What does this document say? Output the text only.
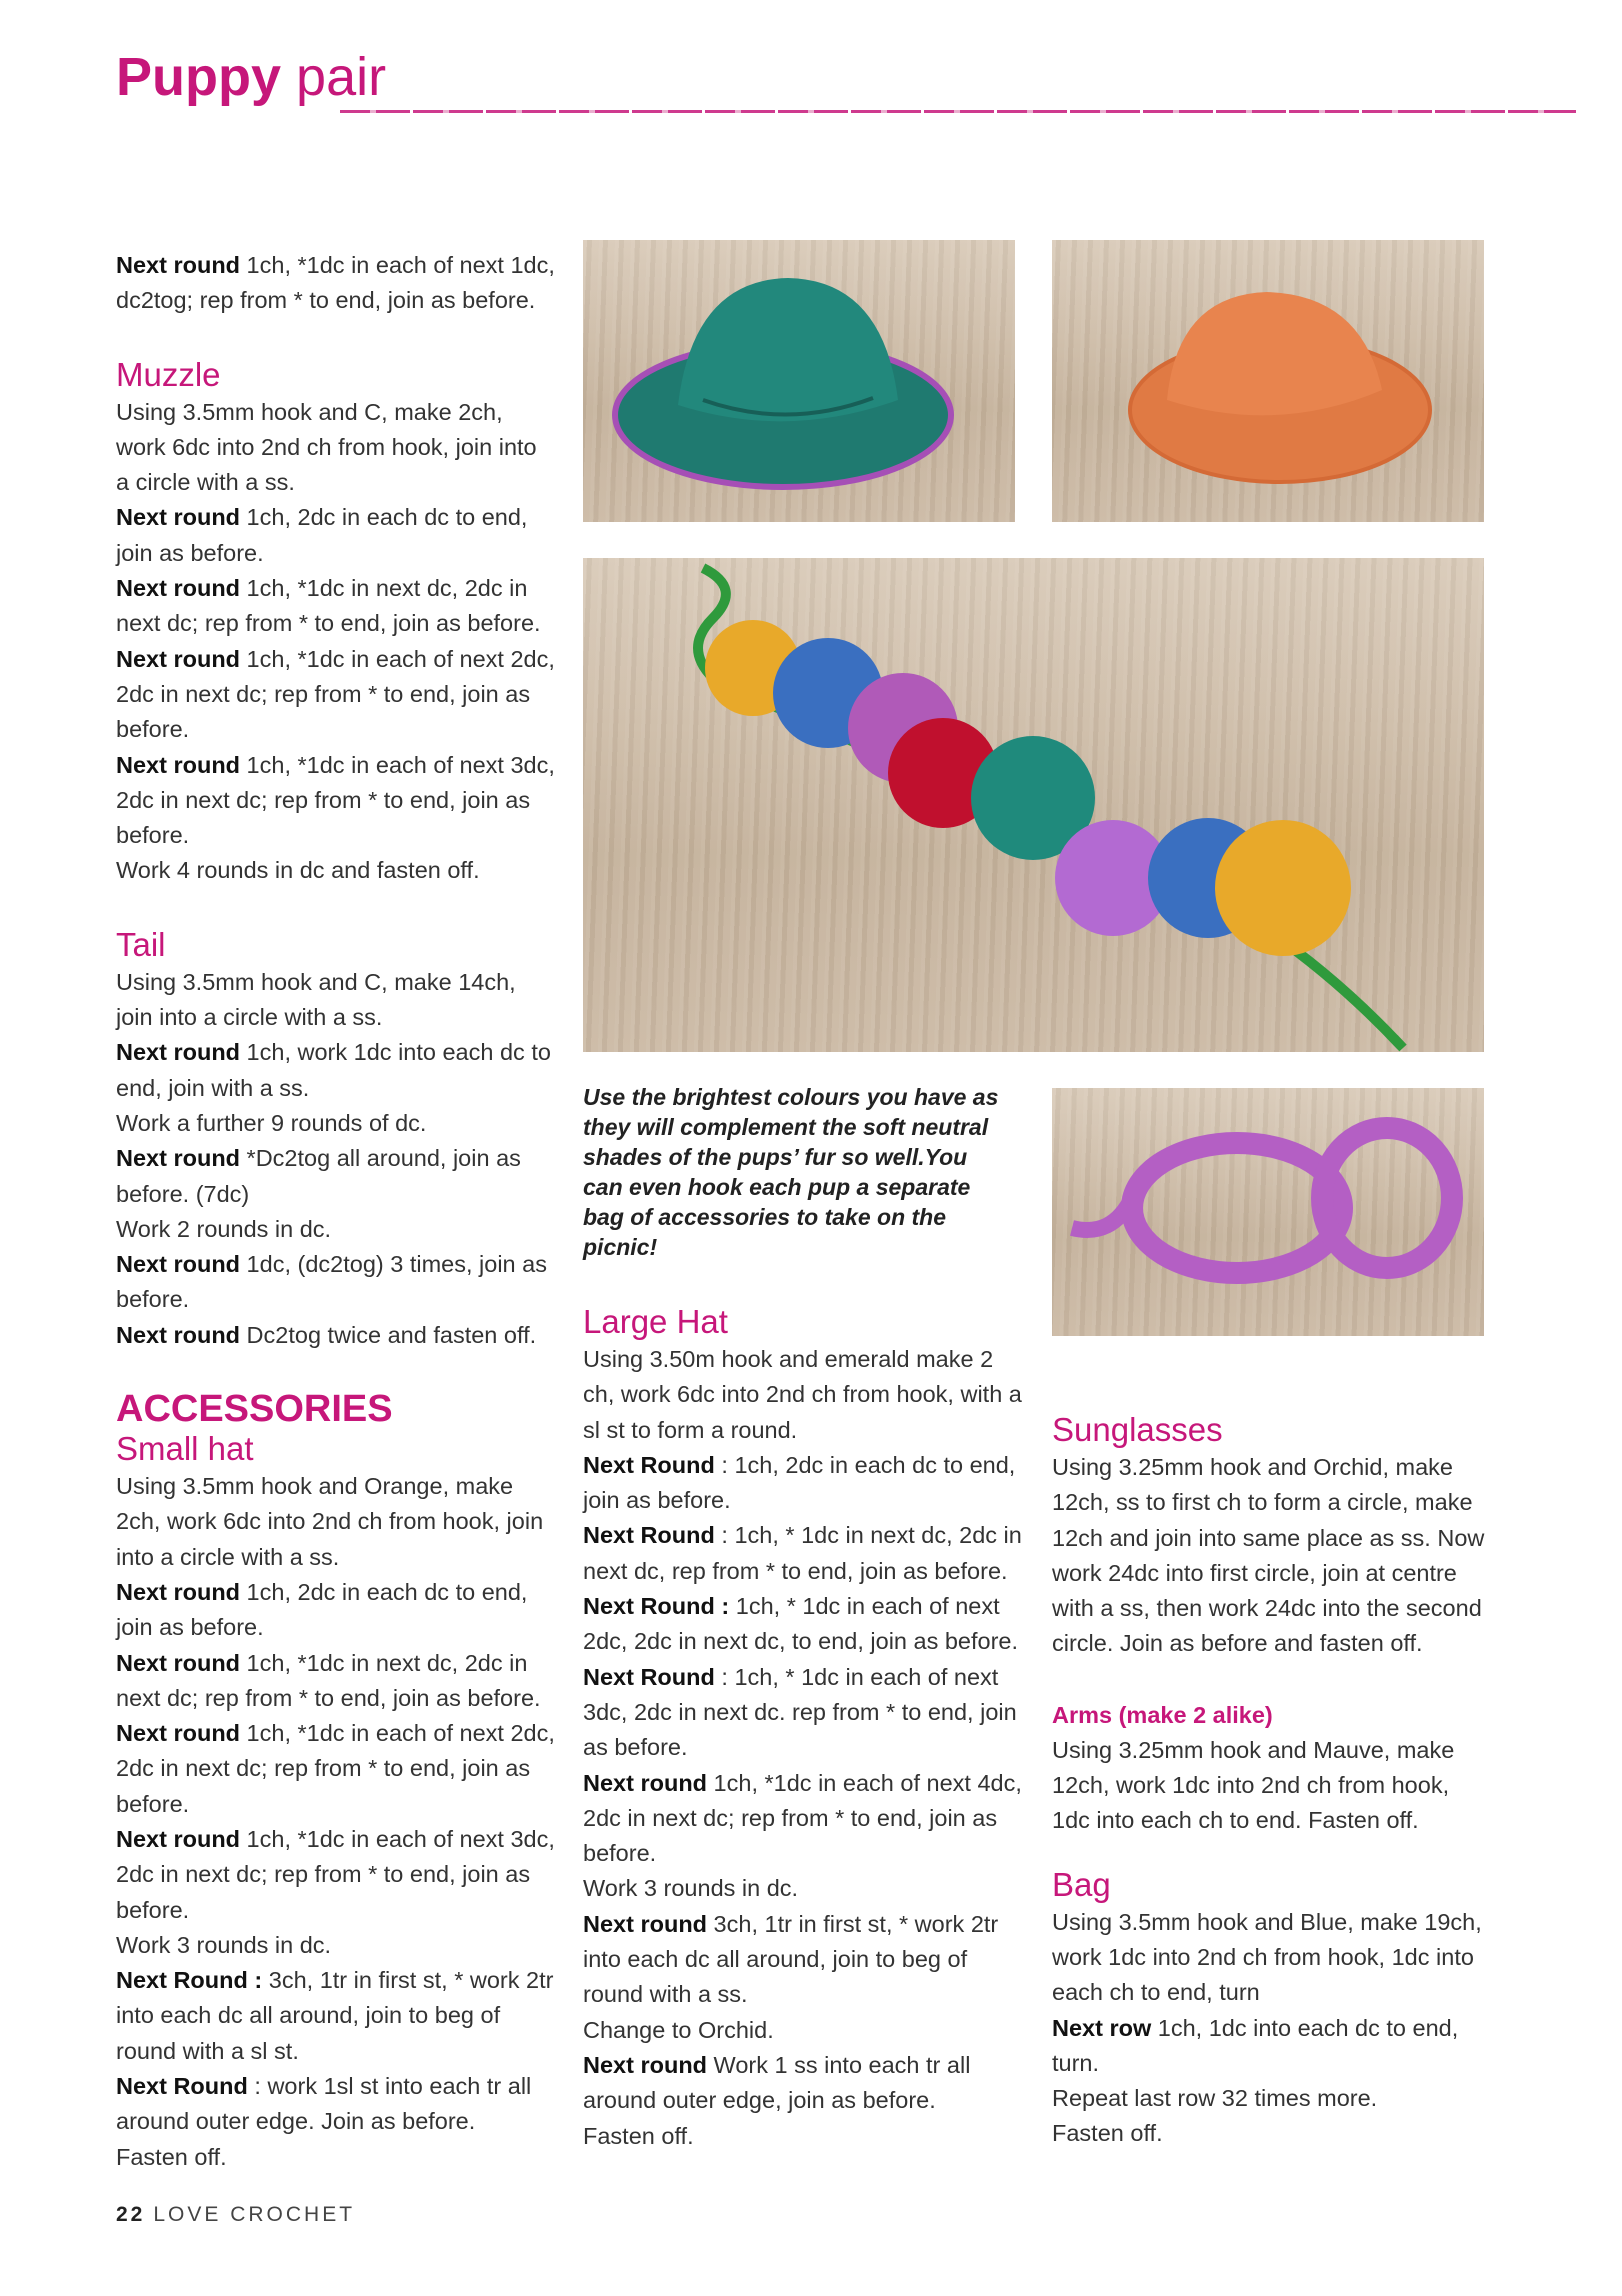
Puppy pair

Next round 1ch, *1dc in each of next 1dc, dc2tog; rep from * to end, join as before.

Muzzle

Using 3.5mm hook and C, make 2ch, work 6dc into 2nd ch from hook, join into a circle with a ss.

Next round 1ch, 2dc in each dc to end, join as before.

Next round 1ch, *1dc in next dc, 2dc in next dc; rep from * to end, join as before.

Next round 1ch, *1dc in each of next 2dc, 2dc in next dc; rep from * to end, join as before.

Next round 1ch, *1dc in each of next 3dc, 2dc in next dc; rep from * to end, join as before.

Work 4 rounds in dc and fasten off.

Tail

Using 3.5mm hook and C, make 14ch, join into a circle with a ss.

Next round 1ch, work 1dc into each dc to end, join with a ss.

Work a further 9 rounds of dc.

Next round *Dc2tog all around, join as before. (7dc)

Work 2 rounds in dc.

Next round 1dc, (dc2tog) 3 times, join as before.

Next round Dc2tog twice and fasten off.

ACCESSORIES

Small hat

Using 3.5mm hook and Orange, make 2ch, work 6dc into 2nd ch from hook, join into a circle with a ss.

Next round 1ch, 2dc in each dc to end, join as before.

Next round 1ch, *1dc in next dc, 2dc in next dc; rep from * to end, join as before.

Next round 1ch, *1dc in each of next 2dc, 2dc in next dc; rep from * to end, join as before.

Next round 1ch, *1dc in each of next 3dc, 2dc in next dc; rep from * to end, join as before.

Work 3 rounds in dc.

Next Round : 3ch, 1tr in first st, * work 2tr into each dc all around, join to beg of round with a sl st.

Next Round : work 1sl st into each tr all around outer edge. Join as before.

Fasten off.

Use the brightest colours you have as they will complement the soft neutral shades of the pups’ fur so well.You can even hook each pup a separate bag of accessories to take on the picnic!

Large Hat

Using 3.50m hook and emerald make 2 ch, work 6dc into 2nd ch from hook, with a sl st to form a round.

Next Round : 1ch, 2dc in each dc to end, join as before.

Next Round : 1ch, * 1dc in next dc, 2dc in next dc, rep from * to end, join as before.

Next Round : 1ch, * 1dc in each of next 2dc, 2dc in next dc, to end, join as before.

Next Round : 1ch, * 1dc in each of next 3dc, 2dc in next dc. rep from * to end, join as before.

Next round 1ch, *1dc in each of next 4dc, 2dc in next dc; rep from * to end, join as before.

Work 3 rounds in dc.

Next round 3ch, 1tr in first st, * work 2tr into each dc all around, join to beg of round with a ss.

Change to Orchid.

Next round Work 1 ss into each tr all around outer edge, join as before.

Fasten off.

Sunglasses

Using 3.25mm hook and Orchid, make 12ch, ss to first ch to form a circle, make 12ch and join into same place as ss. Now work 24dc into first circle, join at centre with a ss, then work 24dc into the second circle. Join as before and fasten off.

Arms (make 2 alike)

Using 3.25mm hook and Mauve, make 12ch, work 1dc into 2nd ch from hook, 1dc into each ch to end. Fasten off.

Bag

Using 3.5mm hook and Blue, make 19ch, work 1dc into 2nd ch from hook, 1dc into each ch to end, turn

Next row 1ch, 1dc into each dc to end, turn.

Repeat last row 32 times more.

Fasten off.

22 LOVE CROCHET
